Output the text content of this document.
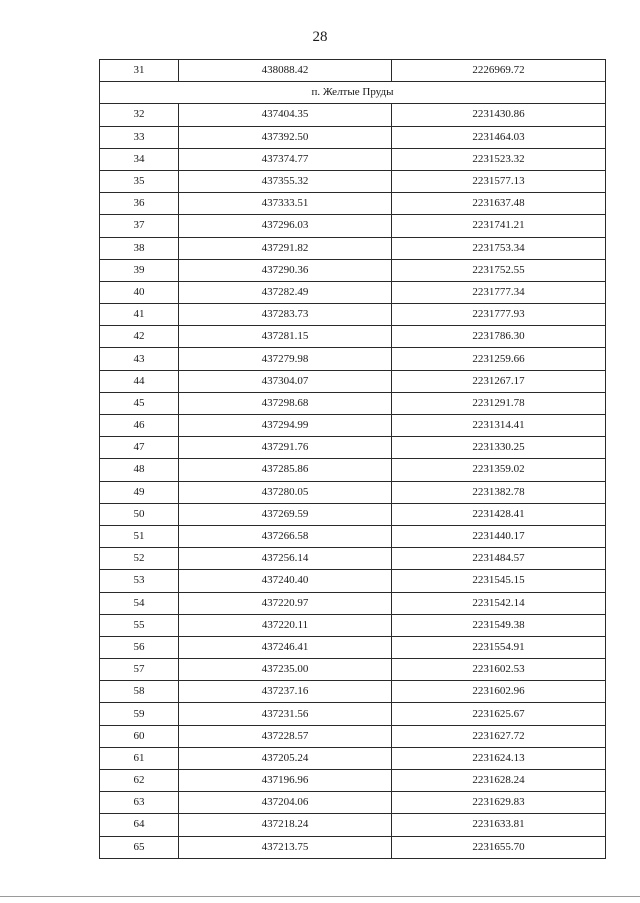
28
31	438088.42	2226969.72
п. Желтые Пруды		
32	437404.35	2231430.86
33	437392.50	2231464.03
34	437374.77	2231523.32
35	437355.32	2231577.13
36	437333.51	2231637.48
37	437296.03	2231741.21
38	437291.82	2231753.34
39	437290.36	2231752.55
40	437282.49	2231777.34
41	437283.73	2231777.93
42	437281.15	2231786.30
43	437279.98	2231259.66
44	437304.07	2231267.17
45	437298.68	2231291.78
46	437294.99	2231314.41
47	437291.76	2231330.25
48	437285.86	2231359.02
49	437280.05	2231382.78
50	437269.59	2231428.41
51	437266.58	2231440.17
52	437256.14	2231484.57
53	437240.40	2231545.15
54	437220.97	2231542.14
55	437220.11	2231549.38
56	437246.41	2231554.91
57	437235.00	2231602.53
58	437237.16	2231602.96
59	437231.56	2231625.67
60	437228.57	2231627.72
61	437205.24	2231624.13
62	437196.96	2231628.24
63	437204.06	2231629.83
64	437218.24	2231633.81
65	437213.75	2231655.70
